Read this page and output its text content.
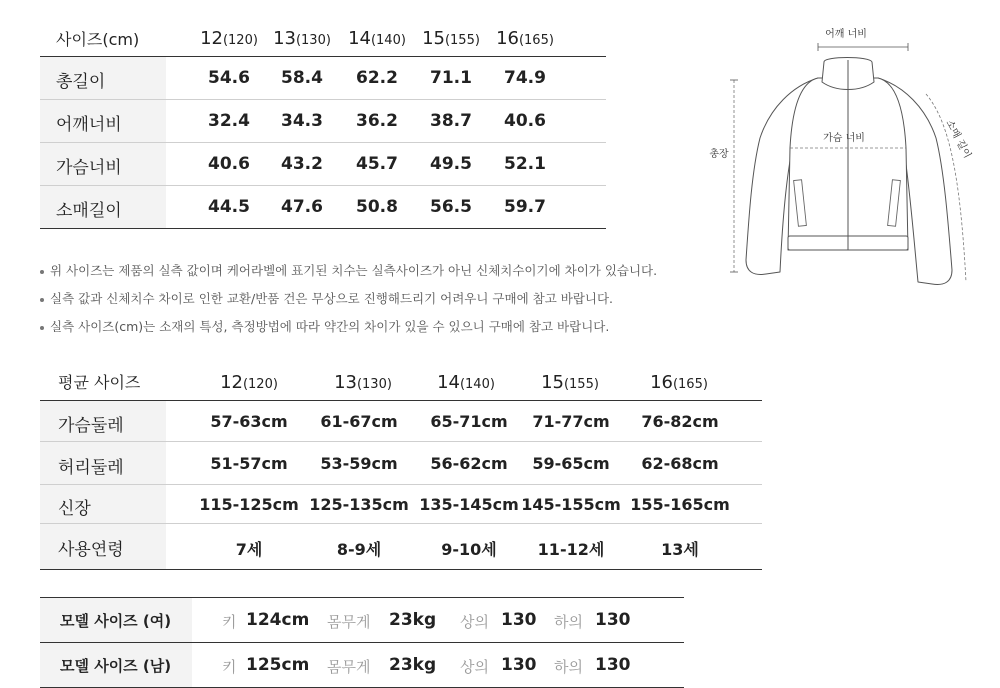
사이즈(cm)	12(120) 13(130) 14(140) 15(155) 16(165)
총길이	54.6	58.4	62.2	71.1	74.9
어깨너비	32.4	34.3	36.2	38.7	40.6
가슴너비	40.6	43.2	45.7	49.5	52.1
소매길이	44.5	47.6	50.8	56.5	59.7
어깨 너비
가슴 너비
총장	소매 길이
위 사이즈는 제품의 실측 값이며 케어라벨에 표기된 치수는 실측사이즈가 아닌 신체치수이기에 차이가 있습니다.
실측 값과 신체치수 차이로 인한 교환/반품 건은 무상으로 진행해드리기 어려우니 구매에 참고 바랍니다.
실측 사이즈(cm)는 소재의 특성, 측정방법에 따라 약간의 차이가 있을 수 있으니 구매에 참고 바랍니다.
평균 사이즈	12(120)	13(130)	14(140)	15(155)	16(165)
가슴둘레	57-63cm	61-67cm	65-71cm	71-77cm	76-82cm
허리둘레	51-57cm	53-59cm	56-62cm	59-65cm	62-68cm
신장	115-125cm 125-135cm 135-145cm 145-155cm 155-165cm
사용연령	7세	8-9세	9-10세	11-12세	13세
모델 사이즈 (여)	키 124cm 몸무게 23kg 상의 130 하의 130
모델 사이즈 (남)	키 125cm 몸무게 23kg 상의 130 하의 130
